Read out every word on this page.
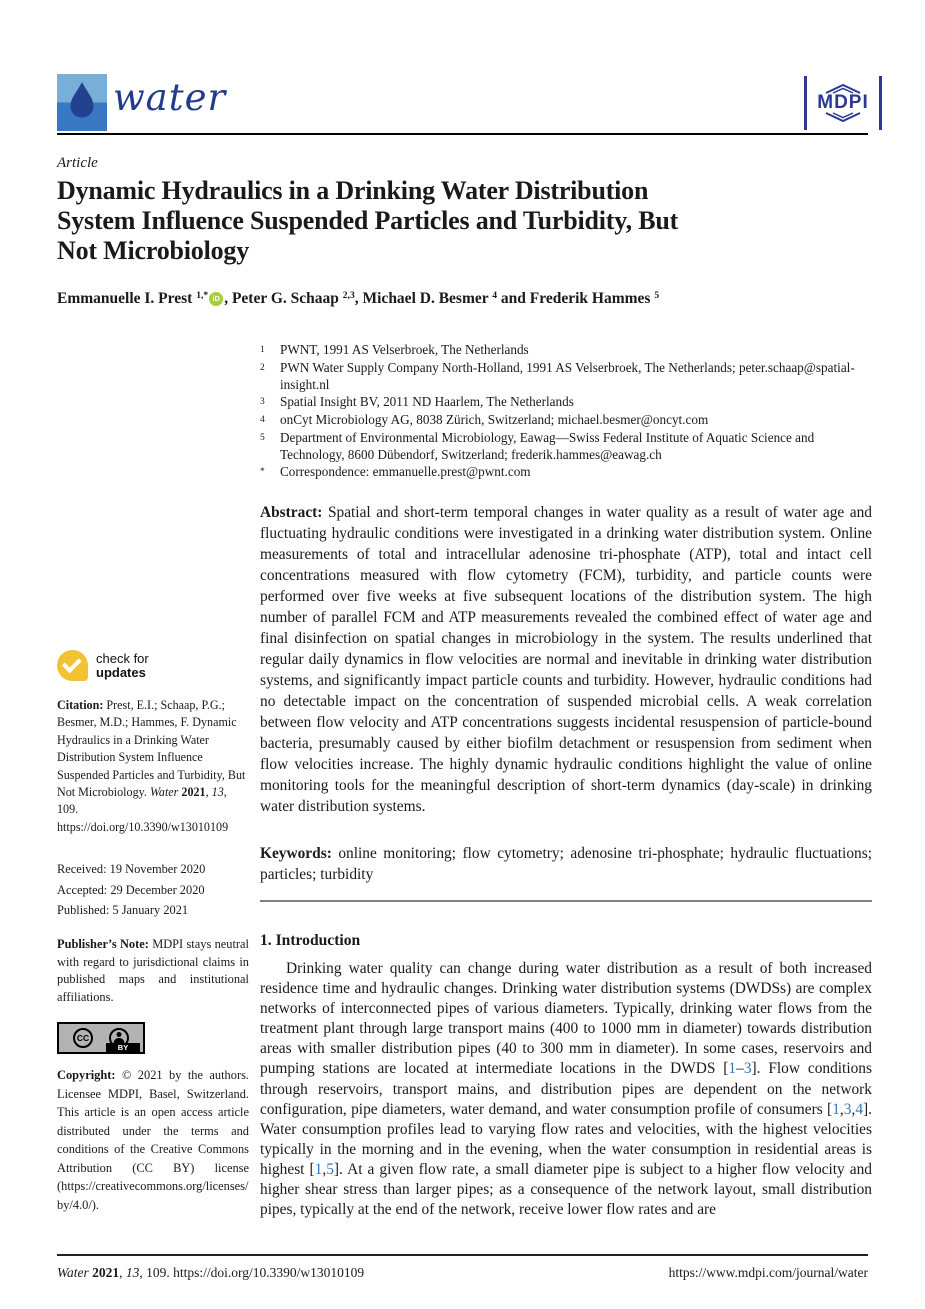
water	MDPI
Article
Dynamic Hydraulics in a Drinking Water Distribution System Influence Suspended Particles and Turbidity, But Not Microbiology
Emmanuelle I. Prest $^{1,*}$ iD , Peter G. Schaap $^{2,3}$, Michael D. Besmer $^4$ and Frederik Hammes $^5$
1	PWNT, 1991 AS Velserbroek, The Netherlands
2	PWN Water Supply Company North-Holland, 1991 AS Velserbroek, The Netherlands; peter.schaap@spatial-insight.nl
3	Spatial Insight BV, 2011 ND Haarlem, The Netherlands
4	onCyt Microbiology AG, 8038 Zürich, Switzerland; michael.besmer@oncyt.com
5	Department of Environmental Microbiology, Eawag—Swiss Federal Institute of Aquatic Science and Technology, 8600 Dübendorf, Switzerland; frederik.hammes@eawag.ch
*	Correspondence: emmanuelle.prest@pwnt.com
Abstract: Spatial and short-term temporal changes in water quality as a result of water age and fluctuating hydraulic conditions were investigated in a drinking water distribution system. Online measurements of total and intracellular adenosine tri-phosphate (ATP), total and intact cell concentrations measured with flow cytometry (FCM), turbidity, and particle counts were performed over five weeks at five subsequent locations of the distribution system. The high number of parallel FCM and ATP measurements revealed the combined effect of water age and final disinfection on spatial changes in microbiology in the system. The results underlined that regular daily dynamics in flow velocities are normal and inevitable in drinking water distribution systems, and significantly impact particle counts and turbidity. However, hydraulic conditions had no detectable impact on the concentration of suspended microbial cells. A weak correlation between flow velocity and ATP concentrations suggests incidental resuspension of particle-bound bacteria, presumably caused by either biofilm detachment or resuspension from sediment when flow velocities increase. The highly dynamic hydraulic conditions highlight the value of online monitoring tools for the meaningful description of short-term dynamics (day-scale) in drinking water distribution systems.
Keywords: online monitoring; flow cytometry; adenosine tri-phosphate; hydraulic fluctuations; particles; turbidity
1. Introduction
Drinking water quality can change during water distribution as a result of both increased residence time and hydraulic changes. Drinking water distribution systems (DWDSs) are complex networks of interconnected pipes of various diameters. Typically, drinking water flows from the treatment plant through large transport mains (400 to 1000 mm in diameter) towards distribution areas with smaller distribution pipes (40 to 300 mm in diameter). In some cases, reservoirs and pumping stations are located at intermediate locations in the DWDS [1–3]. Flow conditions through reservoirs, transport mains, and distribution pipes are dependent on the network configuration, pipe diameters, water demand, and water consumption profile of consumers [1,3,4]. Water consumption profiles lead to varying flow rates and velocities, with the highest velocities typically in the morning and in the evening, when the water consumption in residential areas is highest [1,5]. At a given flow rate, a small diameter pipe is subject to a higher flow velocity and higher shear stress than larger pipes; as a consequence of the network layout, small distribution pipes, typically at the end of the network, receive lower flow rates and are
check for
updates
Citation: Prest, E.I.; Schaap, P.G.; Besmer, M.D.; Hammes, F. Dynamic Hydraulics in a Drinking Water Distribution System Influence Suspended Particles and Turbidity, But Not Microbiology. Water 2021, 13, 109. https://doi.org/10.3390/w13010109
Received: 19 November 2020
Accepted: 29 December 2020
Published: 5 January 2021
Publisher’s Note: MDPI stays neutral with regard to jurisdictional claims in published maps and institutional affiliations.
CC
BY
Copyright: © 2021 by the authors. Licensee MDPI, Basel, Switzerland. This article is an open access article distributed under the terms and conditions of the Creative Commons Attribution (CC BY) license (https://creativecommons.org/licenses/by/4.0/).
Water 2021, 13, 109. https://doi.org/10.3390/w13010109	https://www.mdpi.com/journal/water
